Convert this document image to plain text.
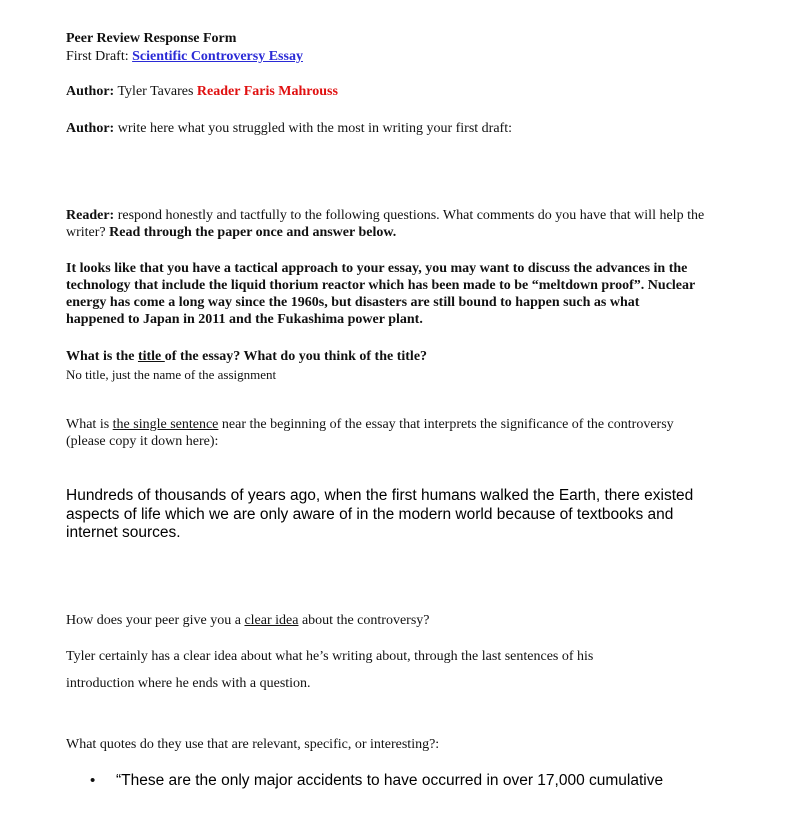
Peer Review Response Form

First Draft: Scientific Controversy Essay

Author: Tyler Tavares Reader Faris Mahrouss

Author: write here what you struggled with the most in writing your first draft:

Reader: respond honestly and tactfully to the following questions. What comments do you have that will help the writer? Read through the paper once and answer below.

It looks like that you have a tactical approach to your essay, you may want to discuss the advances in the technology that include the liquid thorium reactor which has been made to be “meltdown proof”. Nuclear energy has come a long way since the 1960s, but disasters are still bound to happen such as what happened to Japan in 2011 and the Fukashima power plant.

What is the title of the essay? What do you think of the title?

No title, just the name of the assignment

What is the single sentence near the beginning of the essay that interprets the significance of the controversy (please copy it down here):

Hundreds of thousands of years ago, when the first humans walked the Earth, there existed aspects of life which we are only aware of in the modern world because of textbooks and internet sources.

How does your peer give you a clear idea about the controversy?

Tyler certainly has a clear idea about what he’s writing about, through the last sentences of his

introduction where he ends with a question.

What quotes do they use that are relevant, specific, or interesting?:

• “These are the only major accidents to have occurred in over 17,000 cumulative
